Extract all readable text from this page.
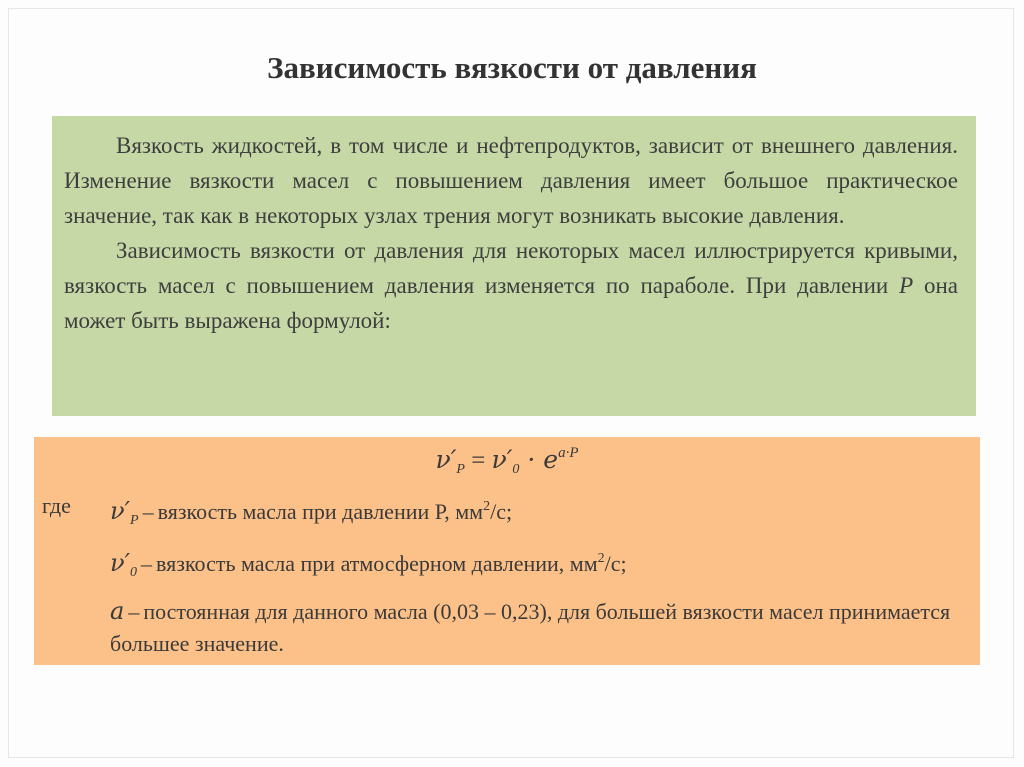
Зависимость вязкости от давления

Вязкость жидкостей, в том числе и нефтепродуктов, зависит от внешнего давления. Изменение вязкости масел с повышением давления имеет большое практическое значение, так как в некоторых узлах трения могут возникать высокие давления.

Зависимость вязкости от давления для некоторых масел иллюстрируется кривыми, вязкость масел с повышением давления изменяется по параболе. При давлении P она может быть выражена формулой:

$\nu'_P = \nu'_0 \cdot e^{a\cdot P}$
где $\nu'_P$ – вязкость масла при давлении Р, $мм^2/с$;
$\nu'_0$ – вязкость масла при атмосферном давлении, $мм^2/с$;
a – постоянная для данного масла (0,03 – 0,23), для большей вязкости масел принимается большее значение.
